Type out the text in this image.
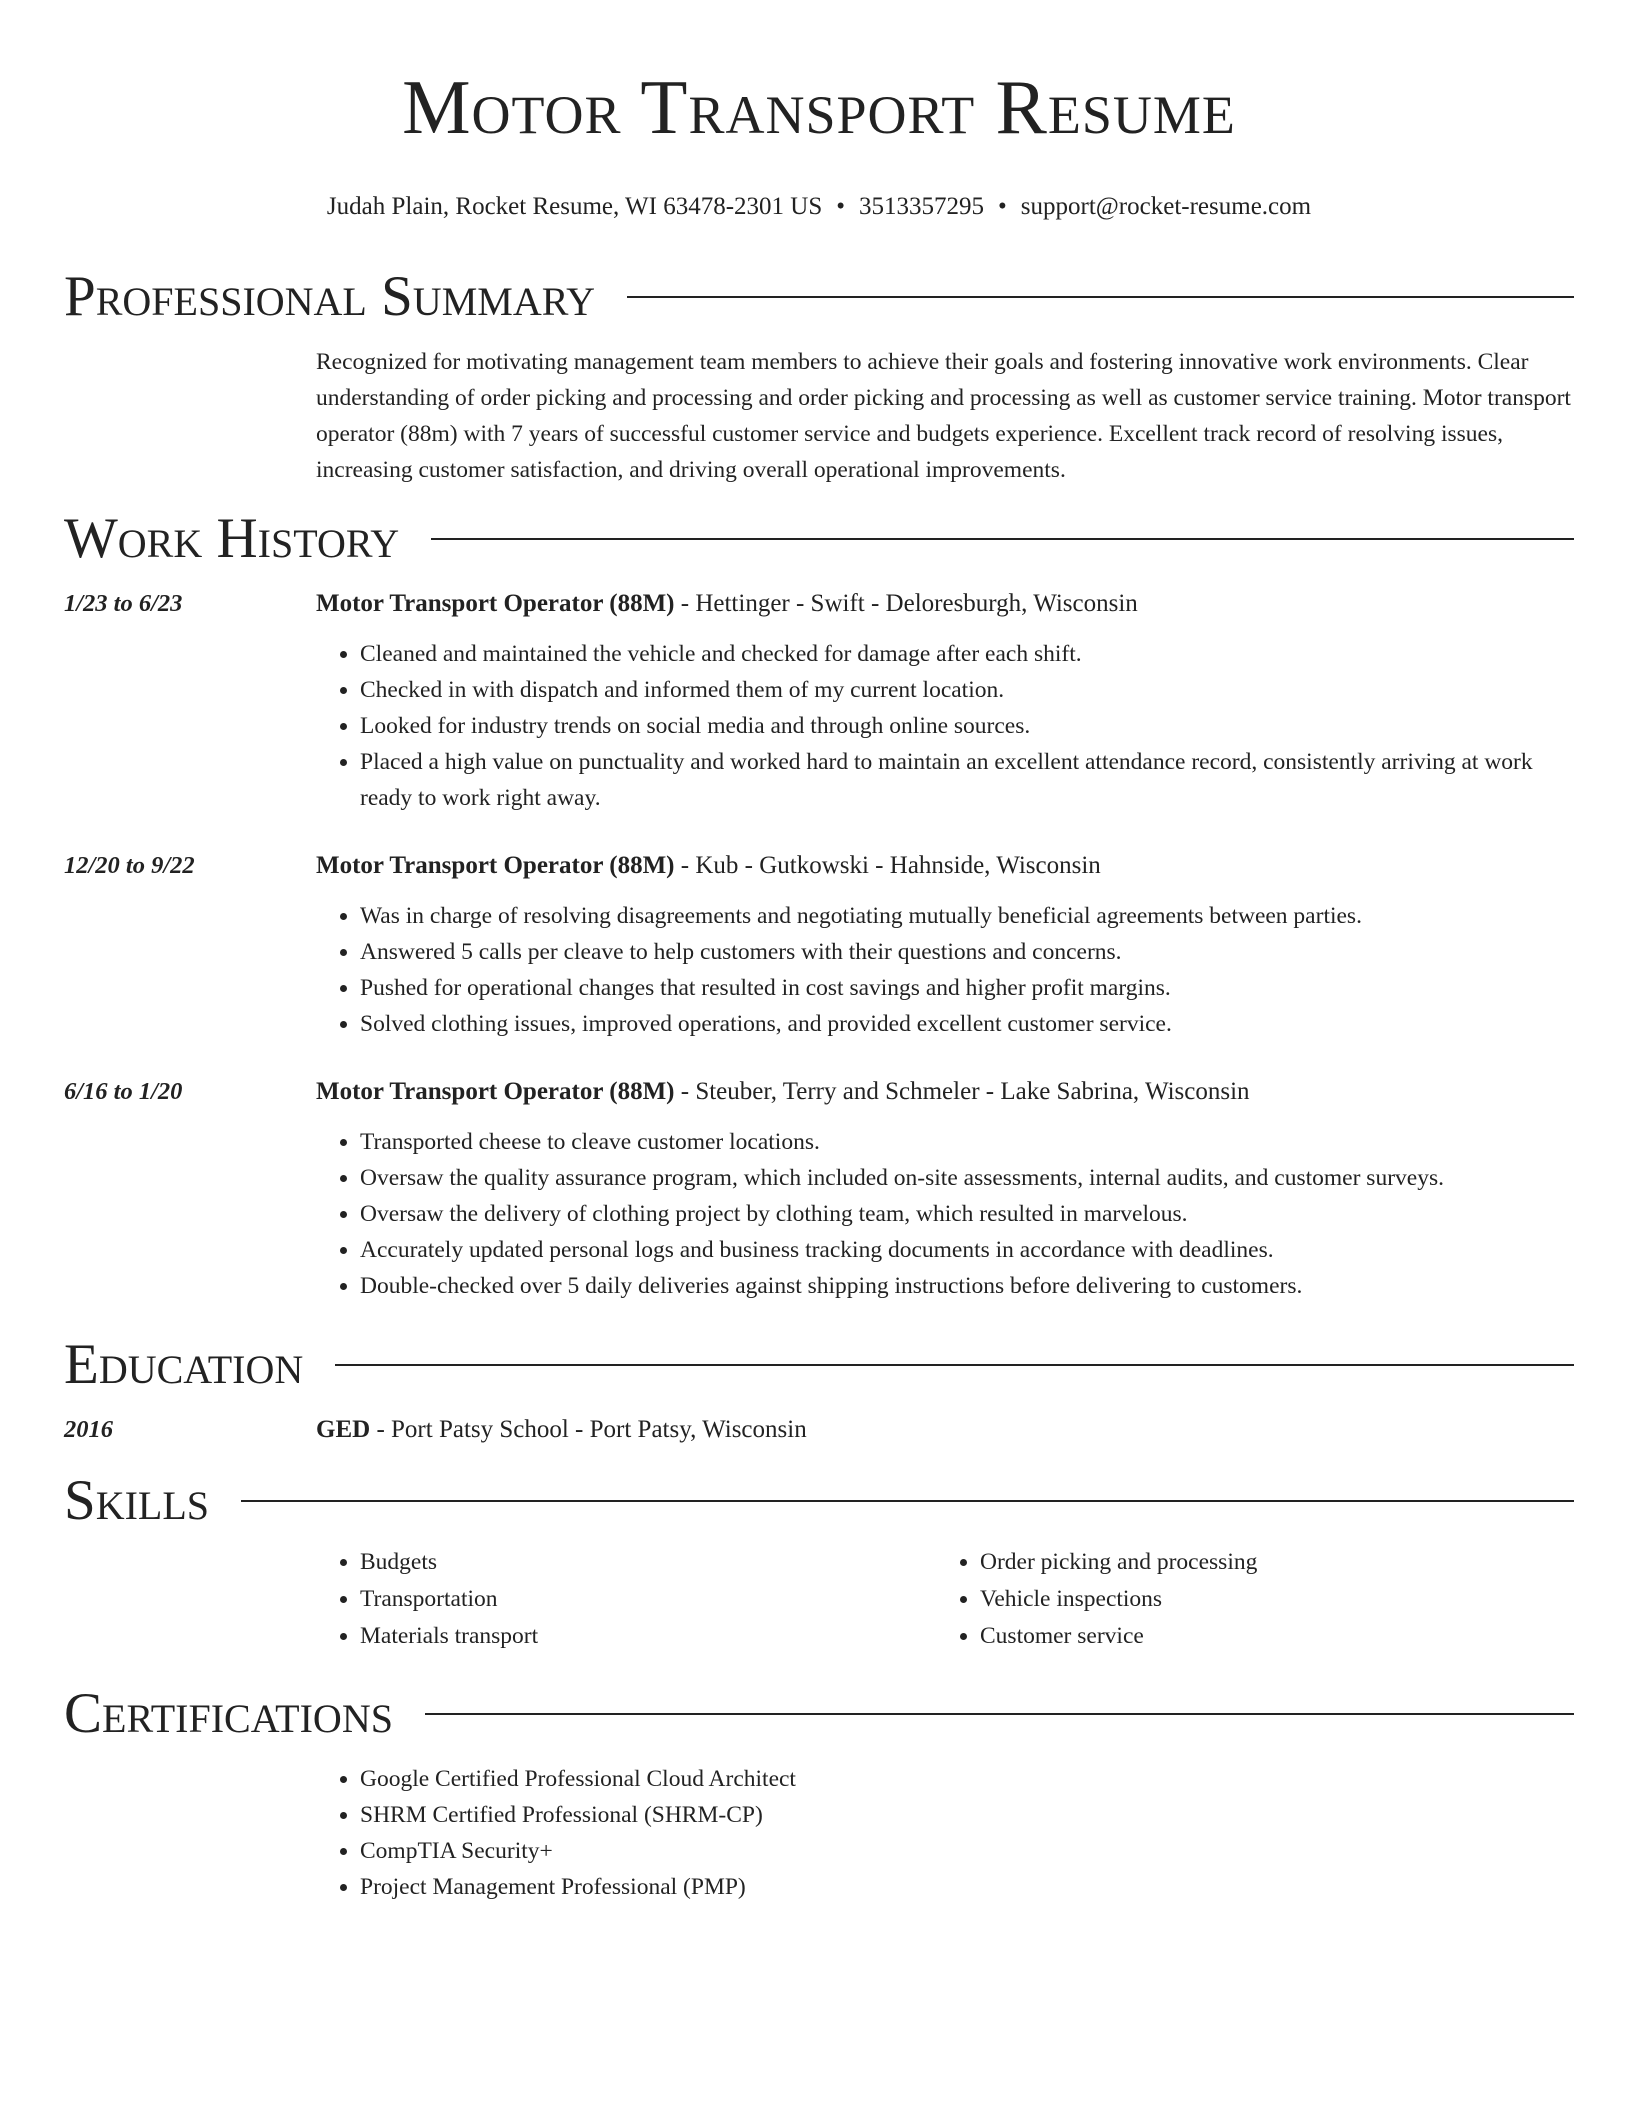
Motor Transport Resume
Judah Plain, Rocket Resume, WI 63478-2301 US • 3513357295 • support@rocket-resume.com
Professional Summary

Recognized for motivating management team members to achieve their goals and fostering innovative work environments. Clear understanding of order picking and processing and order picking and processing as well as customer service training. Motor transport operator (88m) with 7 years of successful customer service and budgets experience. Excellent track record of resolving issues, increasing customer satisfaction, and driving overall operational improvements.

Work History
1/23 to 6/23	Motor Transport Operator (88M) - Hettinger - Swift - Deloresburgh, Wisconsin
• Cleaned and maintained the vehicle and checked for damage after each shift.
• Checked in with dispatch and informed them of my current location.
• Looked for industry trends on social media and through online sources.
• Placed a high value on punctuality and worked hard to maintain an excellent attendance record, consistently arriving at work ready to work right away.
12/20 to 9/22	Motor Transport Operator (88M) - Kub - Gutkowski - Hahnside, Wisconsin
• Was in charge of resolving disagreements and negotiating mutually beneficial agreements between parties.
• Answered 5 calls per cleave to help customers with their questions and concerns.
• Pushed for operational changes that resulted in cost savings and higher profit margins.
• Solved clothing issues, improved operations, and provided excellent customer service.
6/16 to 1/20	Motor Transport Operator (88M) - Steuber, Terry and Schmeler - Lake Sabrina, Wisconsin
• Transported cheese to cleave customer locations.
• Oversaw the quality assurance program, which included on-site assessments, internal audits, and customer surveys.
• Oversaw the delivery of clothing project by clothing team, which resulted in marvelous.
• Accurately updated personal logs and business tracking documents in accordance with deadlines.
• Double-checked over 5 daily deliveries against shipping instructions before delivering to customers.
Education
2016	GED - Port Patsy School - Port Patsy, Wisconsin
Skills
• Budgets
• Transportation
• Materials transport
• Order picking and processing
• Vehicle inspections
• Customer service
Certifications
• Google Certified Professional Cloud Architect
• SHRM Certified Professional (SHRM-CP)
• CompTIA Security+
• Project Management Professional (PMP)
